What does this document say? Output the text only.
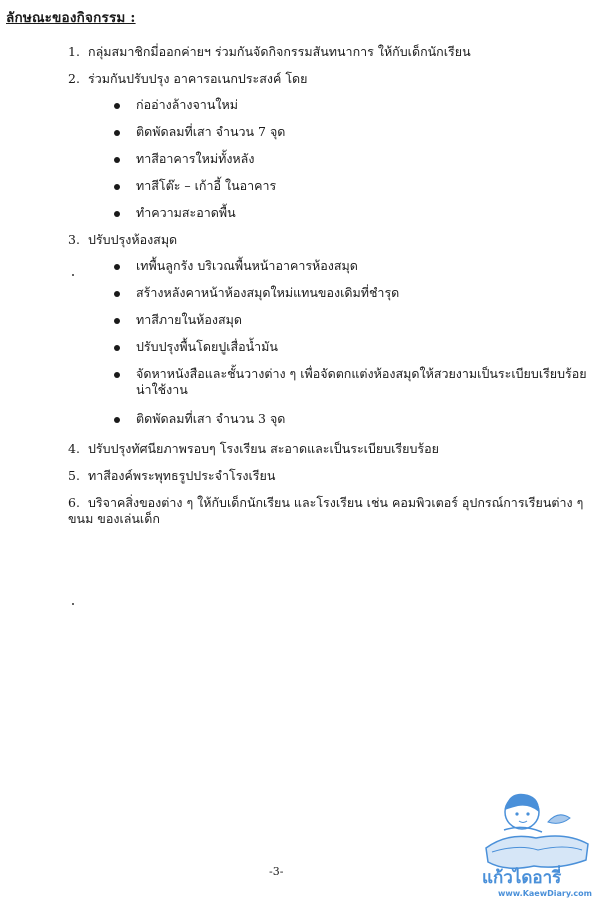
ลักษณะของกิจกรรม :
1. กลุ่มสมาชิกมี่ออกค่ายฯ ร่วมกันจัดกิจกรรมสันทนาการ ให้กับเด็กนักเรียน
2. ร่วมกันปรับปรุง อาคารอเนกประสงค์ โดย
ก่ออ่างล้างจานใหม่
ติดพัดลมที่เสา จำนวน 7 จุด
ทาสีอาคารใหม่ทั้งหลัง
ทาสีโต๊ะ – เก้าอี้ ในอาคาร
ทำความสะอาดพื้น
3. ปรับปรุงห้องสมุด
เทพื้นลูกรัง บริเวณพื้นหน้าอาคารห้องสมุด
สร้างหลังคาหน้าห้องสมุดใหม่แทนของเดิมที่ชำรุด
ทาสีภายในห้องสมุด
ปรับปรุงพื้นโดยปูเสื่อน้ำมัน
จัดหาหนังสือและชั้นวางต่าง ๆ เพื่อจัดตกแต่งห้องสมุดให้สวยงามเป็นระเบียบเรียบร้อยน่าใช้งาน
ติดพัดลมที่เสา จำนวน 3 จุด
4. ปรับปรุงทัศนียภาพรอบๆ โรงเรียน สะอาดและเป็นระเบียบเรียบร้อย
5. ทาสีองค์พระพุทธรูปประจำโรงเรียน
6. บริจาคสิ่งของต่าง ๆ ให้กับเด็กนักเรียน และโรงเรียน เช่น คอมพิวเตอร์ อุปกรณ์การเรียนต่าง ๆ ขนม ของเล่นเด็ก
-3-	แก้วไดอารี่
www.KaewDiary.com
